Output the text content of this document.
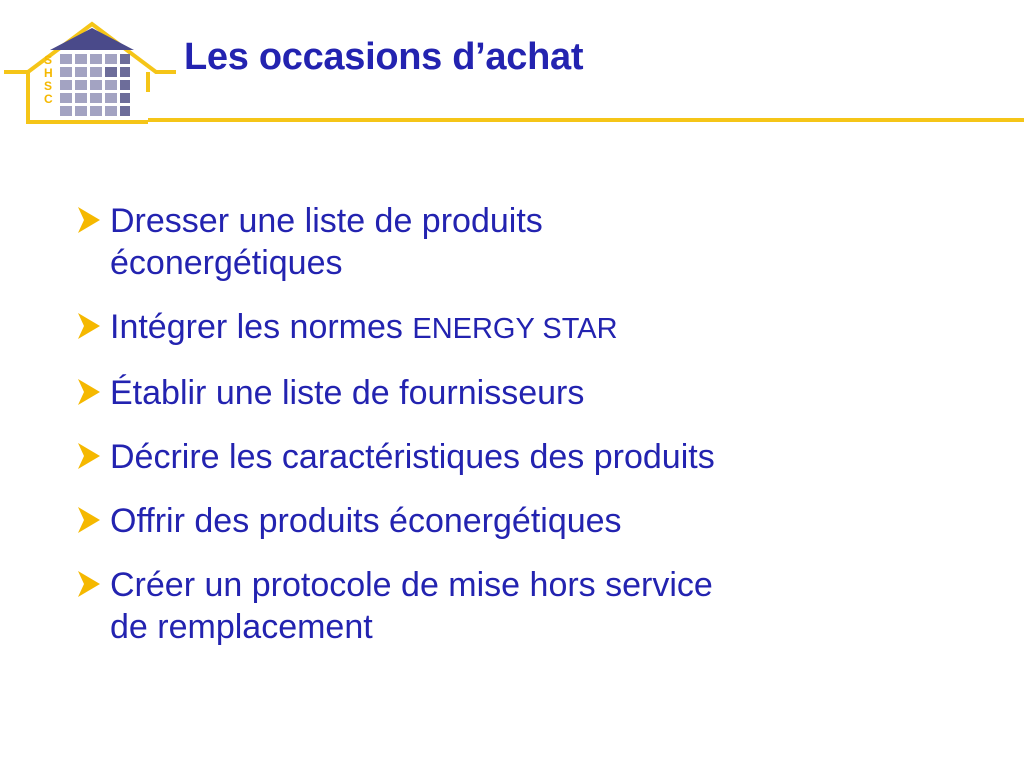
S
H
S
C
Les occasions d’achat
Dresser une liste de produits
éconergétiques
Intégrer les normes ENERGY STAR
Établir une liste de fournisseurs
Décrire les caractéristiques des produits
Offrir des produits éconergétiques
Créer un protocole de mise hors service
de remplacement
